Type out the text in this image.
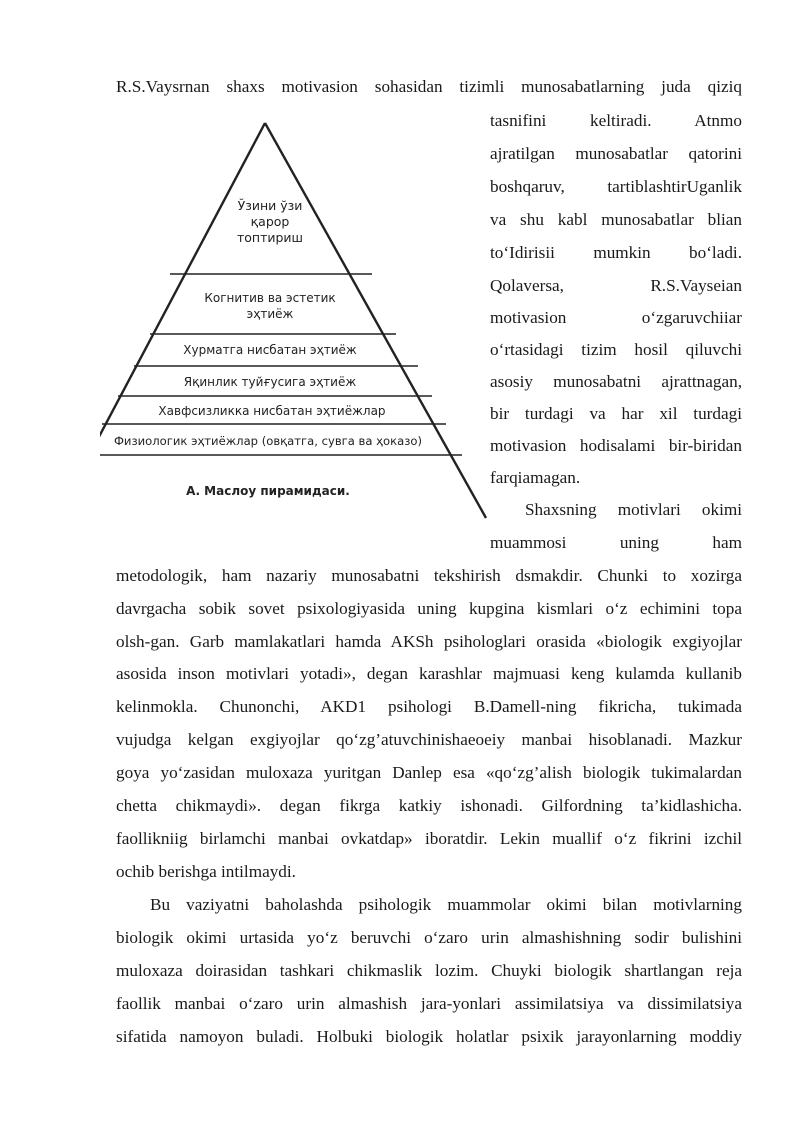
R.S.Vaysrnan shaxs motivasion sohasidan tizimli munosabatlarning juda qiziq
Ўзини ўзи
қарор
топтириш
Когнитив ва эстетик
эҳтиёж
Хурматга нисбатан эҳтиёж
Яқинлик туйғусига эҳтиёж
Хавфсизликка нисбатан эҳтиёжлар
Физиологик эҳтиёжлар (овқатга, сувга ва ҳоказо)
А. Маслоу пирамидаси.
tasnifini keltiradi. Atnmo
ajratilgan munosabatlar qatorini
boshqaruv, tartiblashtirUganlik
va shu kabl munosabatlar blian
to‘Idirisii mumkin bo‘ladi.
Qolaversa, R.S.Vayseian
motivasion o‘zgaruvchiiar
o‘rtasidagi tizim hosil qiluvchi
asosiy munosabatni ajrattnagan,
bir turdagi va har xil turdagi
motivasion hodisalami bir-biridan
farqiamagan.
Shaxsning motivlari okimi
muammosi uning ham
metodologik, ham nazariy munosabatni tekshirish dsmakdir. Chunki to xozirga
davrgacha sobik sovet psixologiyasida uning kupgina kismlari o‘z echimini topa
olsh-gan. Garb mamlakatlari hamda AKSh psihologlari orasida «biologik exgiyojlar
asosida inson motivlari yotadi», degan karashlar majmuasi keng kulamda kullanib
kelinmokla. Chunonchi, AKD1 psihologi B.Damell-ning fikricha, tukimada
vujudga kelgan exgiyojlar qo‘zg’atuvchinishaeoeiy manbai hisoblanadi. Mazkur
goya yo‘zasidan muloxaza yuritgan Danlep esa «qo‘zg’alish biologik tukimalardan
chetta chikmaydi». degan fikrga katkiy ishonadi. Gilfordning ta’kidlashicha.
faollikniig birlamchi manbai ovkatdap» iboratdir. Lekin muallif o‘z fikrini izchil
ochib berishga intilmaydi.
Bu vaziyatni baholashda psihologik muammolar okimi bilan motivlarning
biologik okimi urtasida yo‘z beruvchi o‘zaro urin almashishning sodir bulishini
muloxaza doirasidan tashkari chikmaslik lozim. Chuyki biologik shartlangan reja
faollik manbai o‘zaro urin almashish jara-yonlari assimilatsiya va dissimilatsiya
sifatida namoyon buladi. Holbuki biologik holatlar psixik jarayonlarning moddiy
